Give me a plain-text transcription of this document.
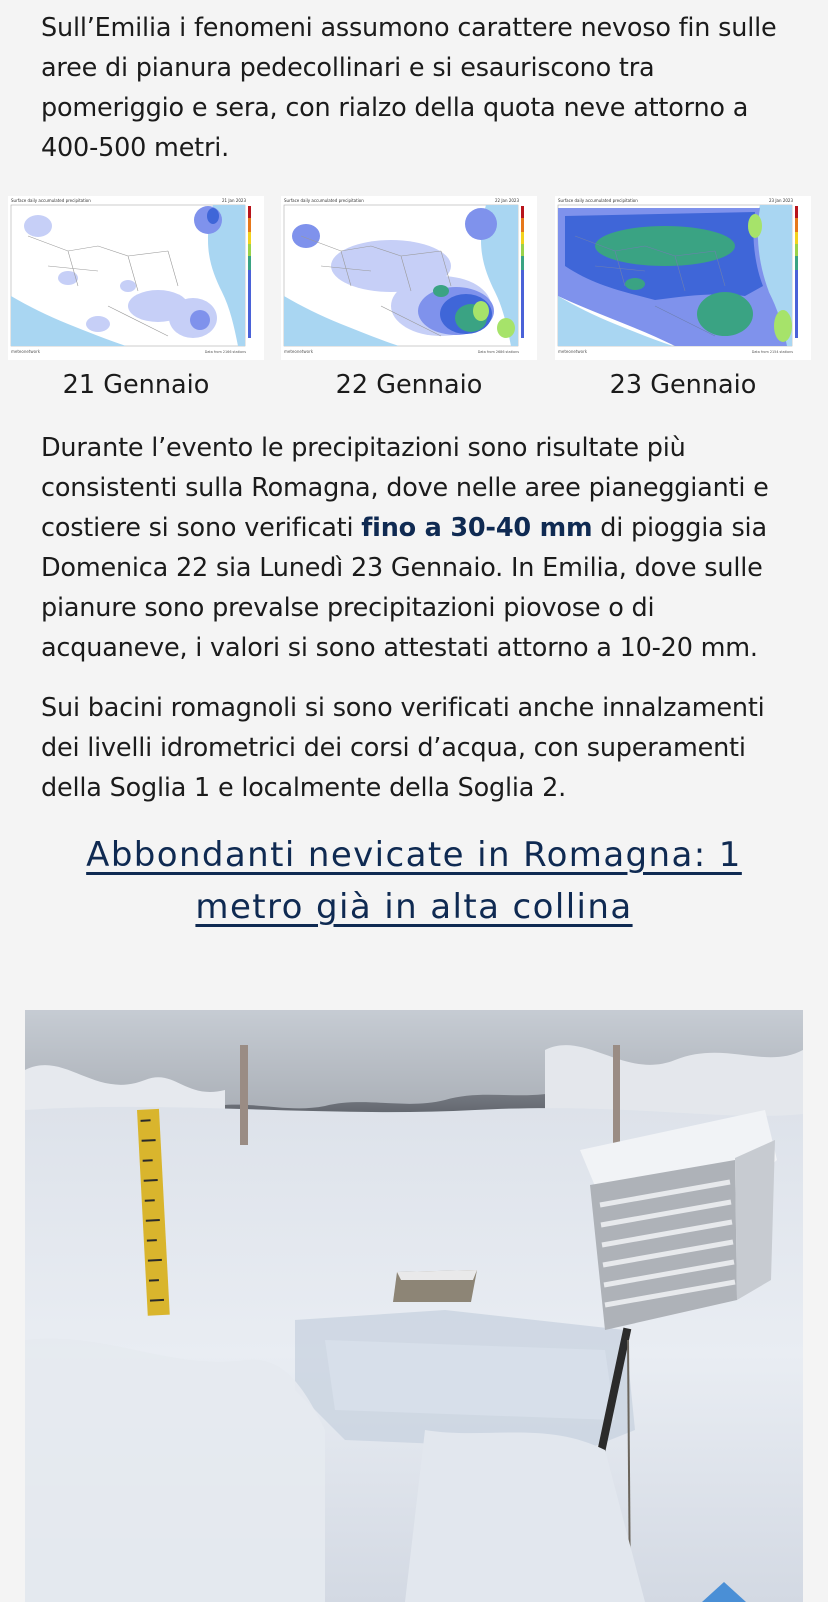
Sull’Emilia i fenomeni assumono carattere nevoso fin sulle aree di pianura pedecollinari e si esauriscono tra pomeriggio e sera, con rialzo della quota neve attorno a 400-500 metri.

Surface daily accumulated precipitation	21 Jan 2023
meteonetwork	Data from 2166 stations
21 Gennaio
Surface daily accumulated precipitation	22 Jan 2023
meteonetwork	Data from 2686 stations
22 Gennaio
Surface daily accumulated precipitation	23 Jan 2023
meteonetwork	Data from 2154 stations
23 Gennaio

Durante l’evento le precipitazioni sono risultate più consistenti sulla Romagna, dove nelle aree pianeggianti e costiere si sono verificati fino a 30-40 mm di pioggia sia Domenica 22 sia Lunedì 23 Gennaio. In Emilia, dove sulle pianure sono prevalse precipitazioni piovose o di acquaneve, i valori si sono attestati attorno a 10-20 mm.

Sui bacini romagnoli si sono verificati anche innalzamenti dei livelli idrometrici dei corsi d’acqua, con superamenti della Soglia 1 e localmente della Soglia 2.

Abbondanti nevicate in Romagna: 1 metro già in alta collina
